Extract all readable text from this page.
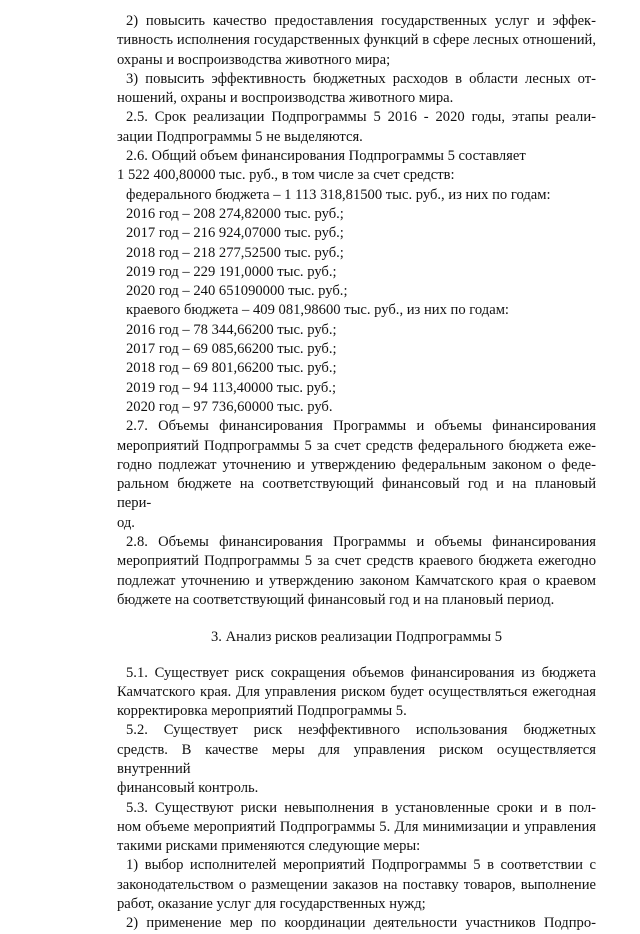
2) повысить качество предоставления государственных услуг и эффек-
тивность исполнения государственных функций в сфере лесных отношений,
охраны и воспроизводства животного мира;
3) повысить эффективность бюджетных расходов в области лесных от-
ношений, охраны и воспроизводства животного мира.
2.5. Срок реализации Подпрограммы 5 2016 - 2020 годы, этапы реали-
зации Подпрограммы 5 не выделяются.
2.6. Общий объем финансирования Подпрограммы 5 составляет
1 522 400,80000 тыс. руб., в том числе за счет средств:
федерального бюджета – 1 113 318,81500 тыс. руб., из них по годам:
2016 год – 208 274,82000 тыс. руб.;
2017 год – 216 924,07000 тыс. руб.;
2018 год – 218 277,52500 тыс. руб.;
2019 год – 229 191,0000 тыс. руб.;
2020 год – 240 651090000 тыс. руб.;
краевого бюджета – 409 081,98600 тыс. руб., из них по годам:
2016 год – 78 344,66200 тыс. руб.;
2017 год – 69 085,66200 тыс. руб.;
2018 год – 69 801,66200 тыс. руб.;
2019 год – 94 113,40000 тыс. руб.;
2020 год – 97 736,60000 тыс. руб.
2.7. Объемы финансирования Программы и объемы финансирования
мероприятий Подпрограммы 5 за счет средств федерального бюджета еже-
годно подлежат уточнению и утверждению федеральным законом о феде-
ральном бюджете на соответствующий финансовый год и на плановый пери-
од.
2.8. Объемы финансирования Программы и объемы финансирования
мероприятий Подпрограммы 5 за счет средств краевого бюджета ежегодно
подлежат уточнению и утверждению законом Камчатского края о краевом
бюджете на соответствующий финансовый год и на плановый период.
3. Анализ рисков реализации Подпрограммы 5
5.1. Существует риск сокращения объемов финансирования из бюджета
Камчатского края. Для управления риском будет осуществляться ежегодная
корректировка мероприятий Подпрограммы 5.
5.2. Существует риск неэффективного использования бюджетных
средств. В качестве меры для управления риском осуществляется внутренний
финансовый контроль.
5.3. Существуют риски невыполнения в установленные сроки и в пол-
ном объеме мероприятий Подпрограммы 5. Для минимизации и управления
такими рисками применяются следующие меры:
1) выбор исполнителей мероприятий Подпрограммы 5 в соответствии с
законодательством о размещении заказов на поставку товаров, выполнение
работ, оказание услуг для государственных нужд;
2) применение мер по координации деятельности участников Подпро-
